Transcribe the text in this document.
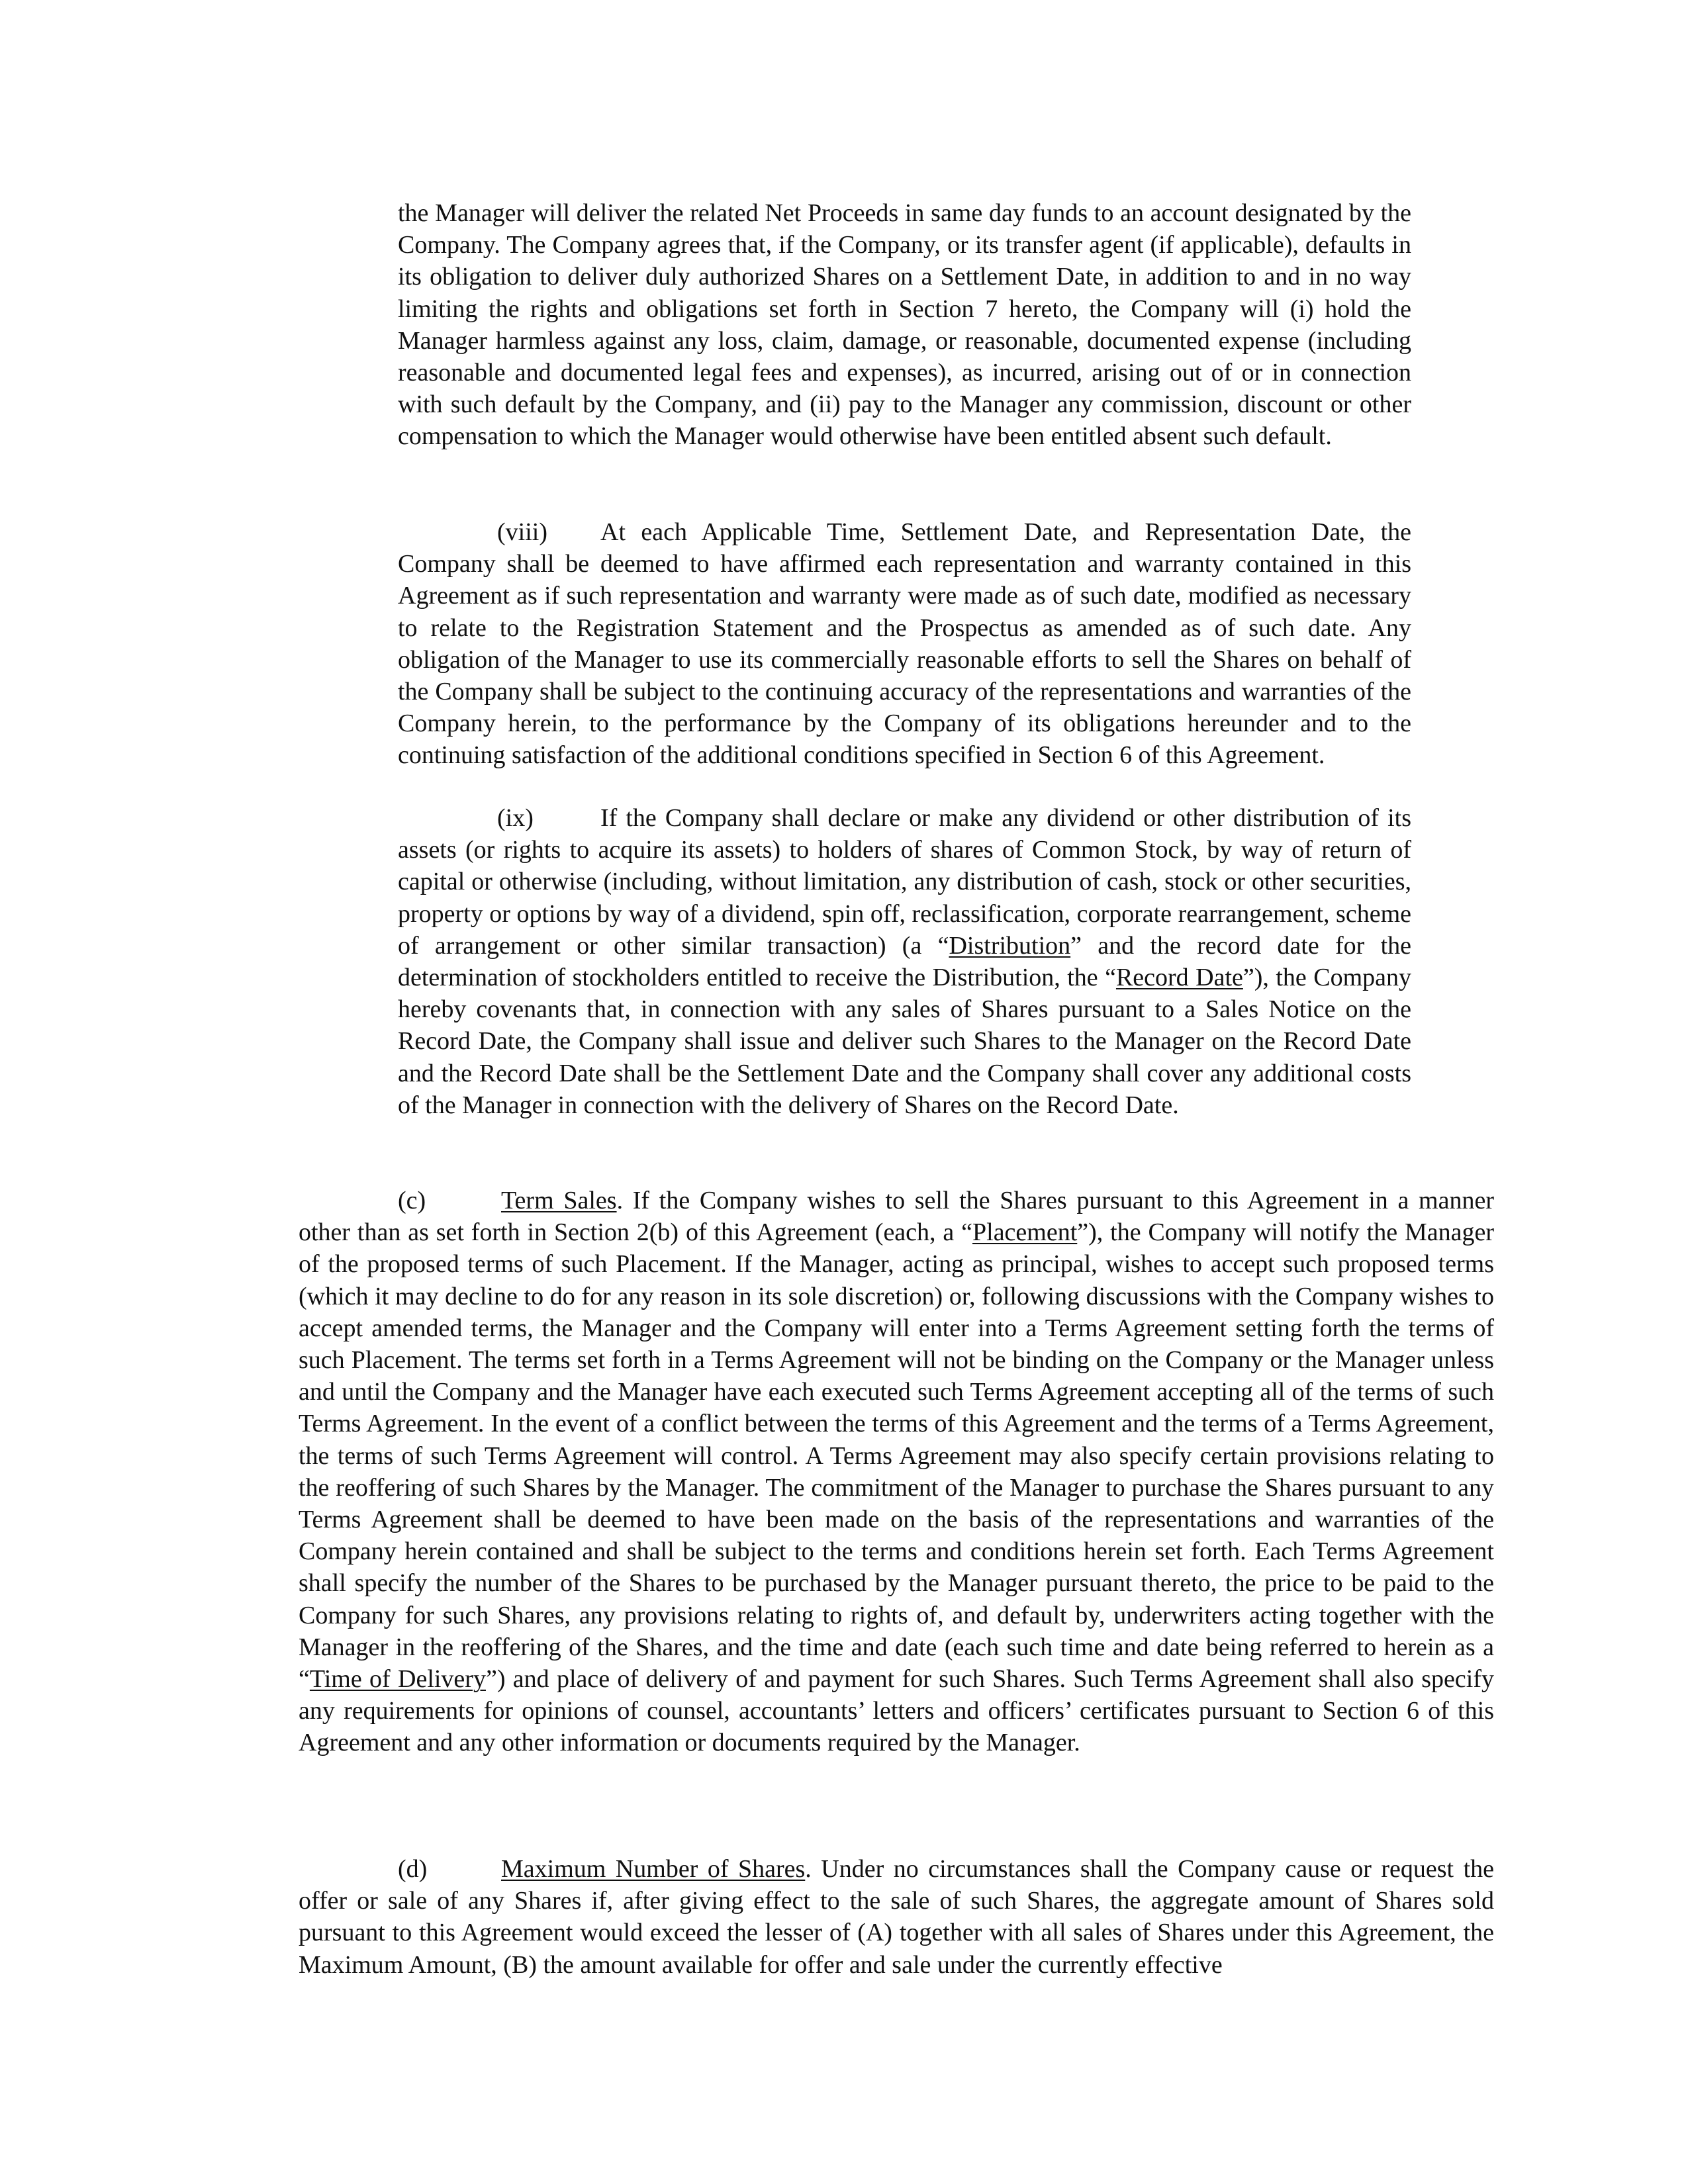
the Manager will deliver the related Net Proceeds in same day funds to an account designated by the Company. The Company agrees that, if the Company, or its transfer agent (if applicable), defaults in its obligation to deliver duly authorized Shares on a Settlement Date, in addition to and in no way limiting the rights and obligations set forth in Section 7 hereto, the Company will (i) hold the Manager harmless against any loss, claim, damage, or reasonable, documented expense (including reasonable and documented legal fees and expenses), as incurred, arising out of or in connection with such default by the Company, and (ii) pay to the Manager any commission, discount or other compensation to which the Manager would otherwise have been entitled absent such default.

(viii) At each Applicable Time, Settlement Date, and Representation Date, the Company shall be deemed to have affirmed each representation and warranty contained in this Agreement as if such representation and warranty were made as of such date, modified as necessary to relate to the Registration Statement and the Prospectus as amended as of such date. Any obligation of the Manager to use its commercially reasonable efforts to sell the Shares on behalf of the Company shall be subject to the continuing accuracy of the representations and warranties of the Company herein, to the performance by the Company of its obligations hereunder and to the continuing satisfaction of the additional conditions specified in Section 6 of this Agreement.

(ix)	If the Company shall declare or make any dividend or other distribution of its assets (or rights to acquire its assets) to holders of shares of Common Stock, by way of return of capital or otherwise (including, without limitation, any distribution of cash, stock or other securities, property or options by way of a dividend, spin off, reclassification, corporate rearrangement, scheme of arrangement or other similar transaction) (a “Distribution” and the record date for the determination of stockholders entitled to receive the Distribution, the “Record Date”), the Company hereby covenants that, in connection with any sales of Shares pursuant to a Sales Notice on the Record Date, the Company shall issue and deliver such Shares to the Manager on the Record Date and the Record Date shall be the Settlement Date and the Company shall cover any additional costs of the Manager in connection with the delivery of Shares on the Record Date.

(c)	Term Sales. If the Company wishes to sell the Shares pursuant to this Agreement in a manner other than as set forth in Section 2(b) of this Agreement (each, a “Placement”), the Company will notify the Manager of the proposed terms of such Placement. If the Manager, acting as principal, wishes to accept such proposed terms (which it may decline to do for any reason in its sole discretion) or, following discussions with the Company wishes to accept amended terms, the Manager and the Company will enter into a Terms Agreement setting forth the terms of such Placement. The terms set forth in a Terms Agreement will not be binding on the Company or the Manager unless and until the Company and the Manager have each executed such Terms Agreement accepting all of the terms of such Terms Agreement. In the event of a conflict between the terms of this Agreement and the terms of a Terms Agreement, the terms of such Terms Agreement will control. A Terms Agreement may also specify certain provisions relating to the reoffering of such Shares by the Manager. The commitment of the Manager to purchase the Shares pursuant to any Terms Agreement shall be deemed to have been made on the basis of the representations and warranties of the Company herein contained and shall be subject to the terms and conditions herein set forth. Each Terms Agreement shall specify the number of the Shares to be purchased by the Manager pursuant thereto, the price to be paid to the Company for such Shares, any provisions relating to rights of, and default by, underwriters acting together with the Manager in the reoffering of the Shares, and the time and date (each such time and date being referred to herein as a “Time of Delivery”) and place of delivery of and payment for such Shares. Such Terms Agreement shall also specify any requirements for opinions of counsel, accountants’ letters and officers’ certificates pursuant to Section 6 of this Agreement and any other information or documents required by the Manager.

(d)	Maximum Number of Shares. Under no circumstances shall the Company cause or request the offer or sale of any Shares if, after giving effect to the sale of such Shares, the aggregate amount of Shares sold pursuant to this Agreement would exceed the lesser of (A) together with all sales of Shares under this Agreement, the Maximum Amount, (B) the amount available for offer and sale under the currently effective
